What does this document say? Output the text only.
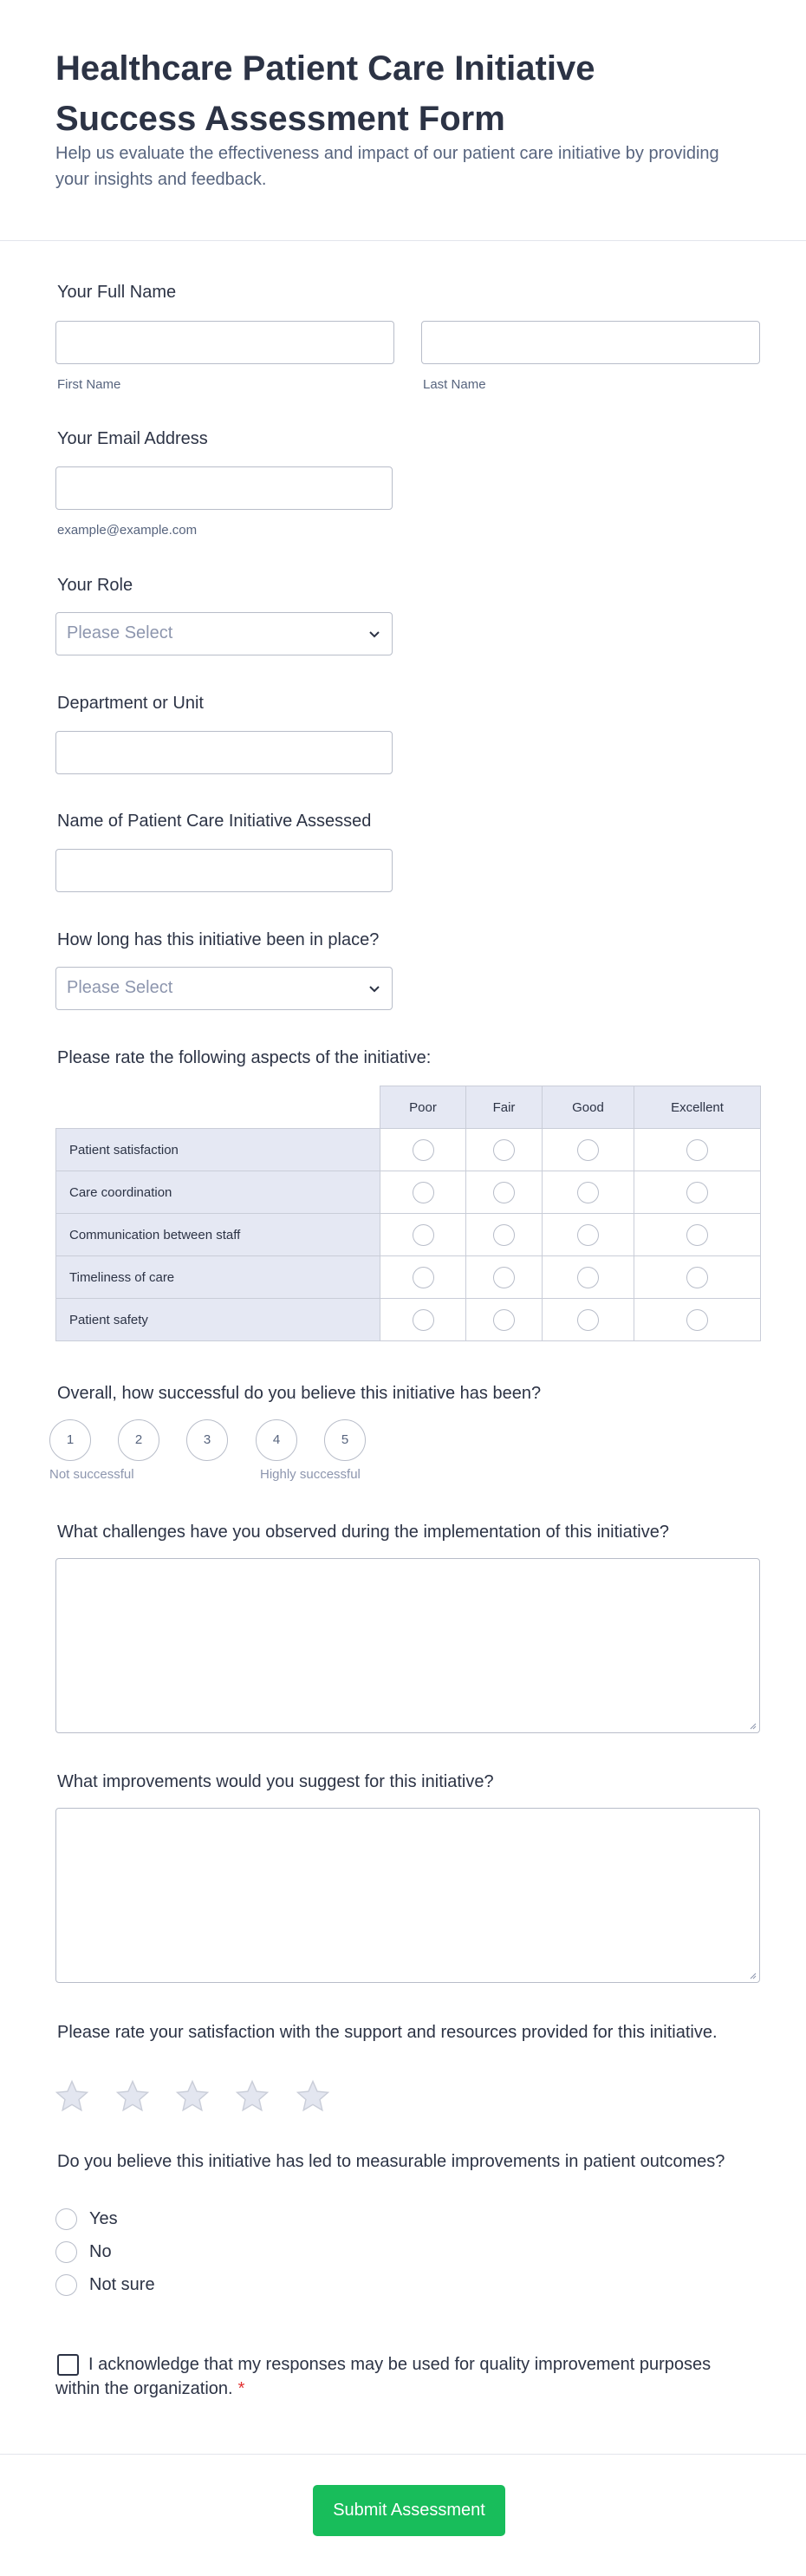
Healthcare Patient Care Initiative Success Assessment Form

Help us evaluate the effectiveness and impact of our patient care initiative by providing your insights and feedback.

Your Full Name
First Name	Last Name
Your Email Address
example@example.com
Your Role
Please Select
Department or Unit
Name of Patient Care Initiative Assessed
How long has this initiative been in place?
Please Select
Please rate the following aspects of the initiative:
	Poor	Fair	Good	Excellent
Patient satisfaction				
Care coordination				
Communication between staff				
Timeliness of care				
Patient safety				
Overall, how successful do you believe this initiative has been?
1	2	3	4	5
Not successful	Highly successful
What challenges have you observed during the implementation of this initiative?
What improvements would you suggest for this initiative?
Please rate your satisfaction with the support and resources provided for this initiative.
Do you believe this initiative has led to measurable improvements in patient outcomes?
Yes
No
Not sure
I acknowledge that my responses may be used for quality improvement purposes within the organization. *
Submit Assessment
